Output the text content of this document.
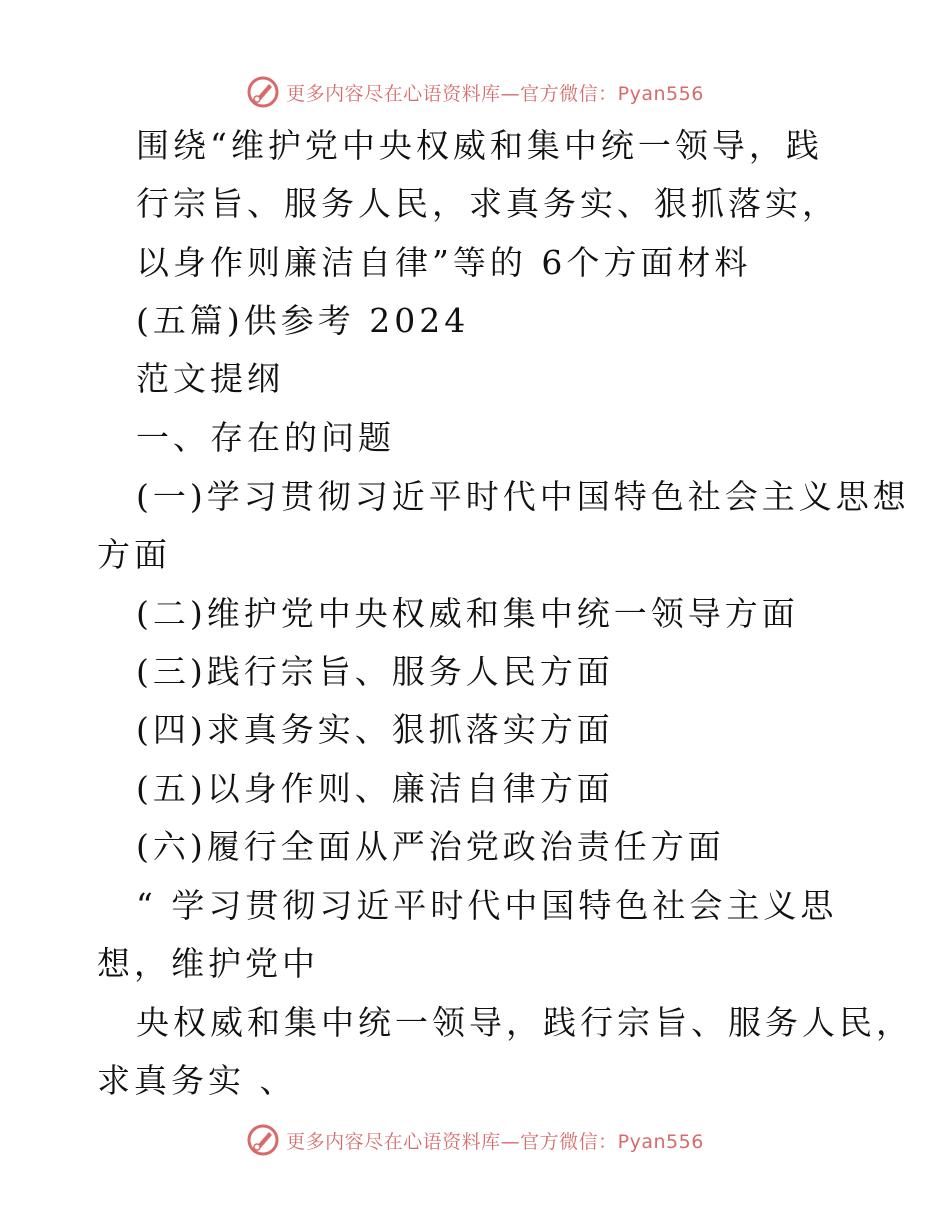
更多内容尽在心语资料库—官方微信：Pyan556
围绕“维护党中央权威和集中统一领导，践
行宗旨、服务人民，求真务实、狠抓落实，
以身作则廉洁自律”等的 6个方面材料
(五篇)供参考 2024
范文提纲
一、存在的问题
(一)学习贯彻习近平时代中国特色社会主义思想
方面
(二)维护党中央权威和集中统一领导方面
(三)践行宗旨、服务人民方面
(四)求真务实、狠抓落实方面
(五)以身作则、廉洁自律方面
(六)履行全面从严治党政治责任方面
“ 学习贯彻习近平时代中国特色社会主义思
想，维护党中
央权威和集中统一领导，践行宗旨、服务人民，
求真务实 、
更多内容尽在心语资料库—官方微信：Pyan556
